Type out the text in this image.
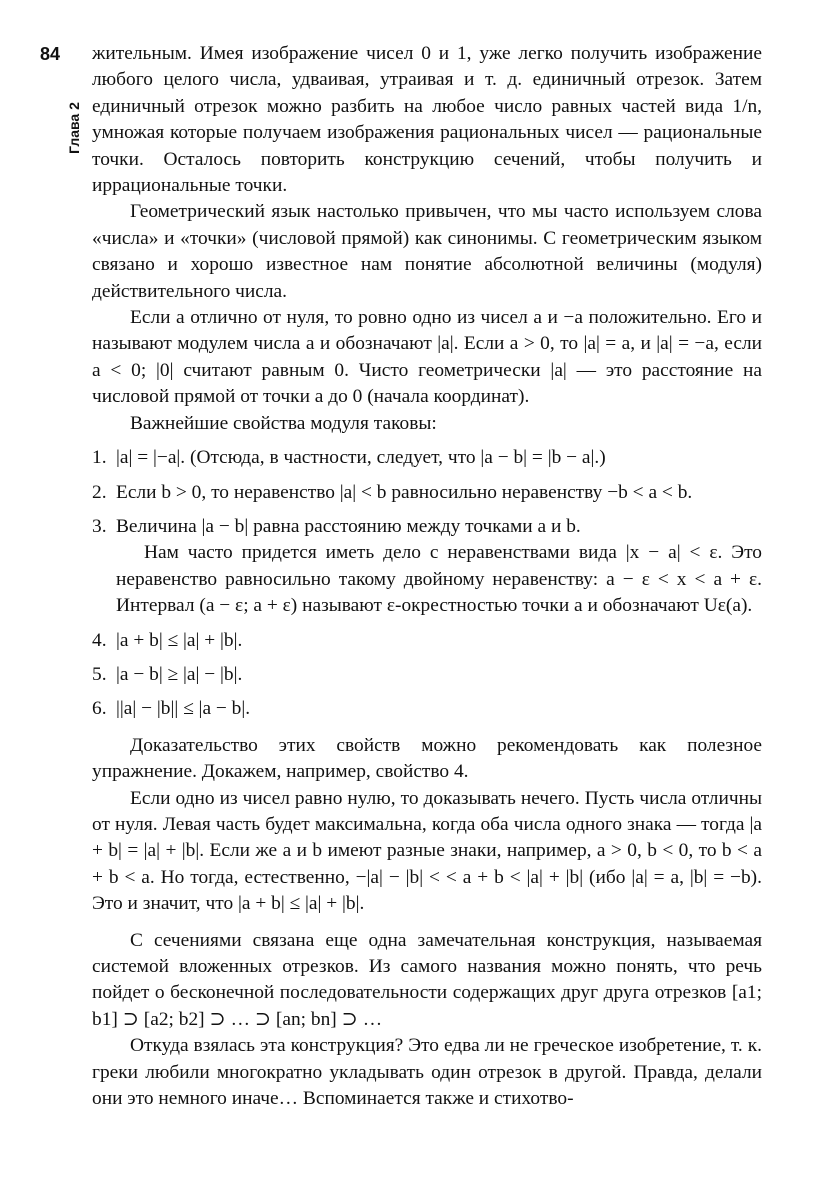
84
Глава 2

жительным. Имея изображение чисел 0 и 1, уже легко получить изображение любого целого числа, удваивая, утраивая и т. д. единичный отрезок. Затем единичный отрезок можно разбить на любое число равных частей вида 1/n, умножая которые получаем изображения рациональных чисел — рациональные точки. Осталось повторить конструкцию сечений, чтобы получить и иррациональные точки.

Геометрический язык настолько привычен, что мы часто используем слова «числа» и «точки» (числовой прямой) как синонимы. С геометрическим языком связано и хорошо известное нам понятие абсолютной величины (модуля) действительного числа.

Если a отлично от нуля, то ровно одно из чисел a и −a положительно. Его и называют модулем числа a и обозначают |a|. Если a > 0, то |a| = a, и |a| = −a, если a < 0; |0| считают равным 0. Чисто геометрически |a| — это расстояние на числовой прямой от точки a до 0 (начала координат).

Важнейшие свойства модуля таковы:

1. |a| = |−a|. (Отсюда, в частности, следует, что |a − b| = |b − a|.)
2. Если b > 0, то неравенство |a| < b равносильно неравенству −b < a < b.
3. Величина |a − b| равна расстоянию между точками a и b.

Нам часто придется иметь дело с неравенствами вида |x − a| < ε. Это неравенство равносильно такому двойному неравенству: a − ε < x < a + ε. Интервал (a − ε; a + ε) называют ε-окрестностью точки a и обозначают Uε(a).

4. |a + b| ≤ |a| + |b|.
5. |a − b| ≥ |a| − |b|.
6. ||a| − |b|| ≤ |a − b|.

Доказательство этих свойств можно рекомендовать как полезное упражнение. Докажем, например, свойство 4.

Если одно из чисел равно нулю, то доказывать нечего. Пусть числа отличны от нуля. Левая часть будет максимальна, когда оба числа одного знака — тогда |a + b| = |a| + |b|. Если же a и b имеют разные знаки, например, a > 0, b < 0, то b < a + b < a. Но тогда, естественно, −|a| − |b| < < a + b < |a| + |b| (ибо |a| = a, |b| = −b). Это и значит, что |a + b| ≤ |a| + |b|.

С сечениями связана еще одна замечательная конструкция, называемая системой вложенных отрезков. Из самого названия можно понять, что речь пойдет о бесконечной последовательности содержащих друг друга отрезков [a1; b1] ⊃ [a2; b2] ⊃ … ⊃ [an; bn] ⊃ …

Откуда взялась эта конструкция? Это едва ли не греческое изобретение, т. к. греки любили многократно укладывать один отрезок в другой. Правда, делали они это немного иначе… Вспоминается также и стихотво-
